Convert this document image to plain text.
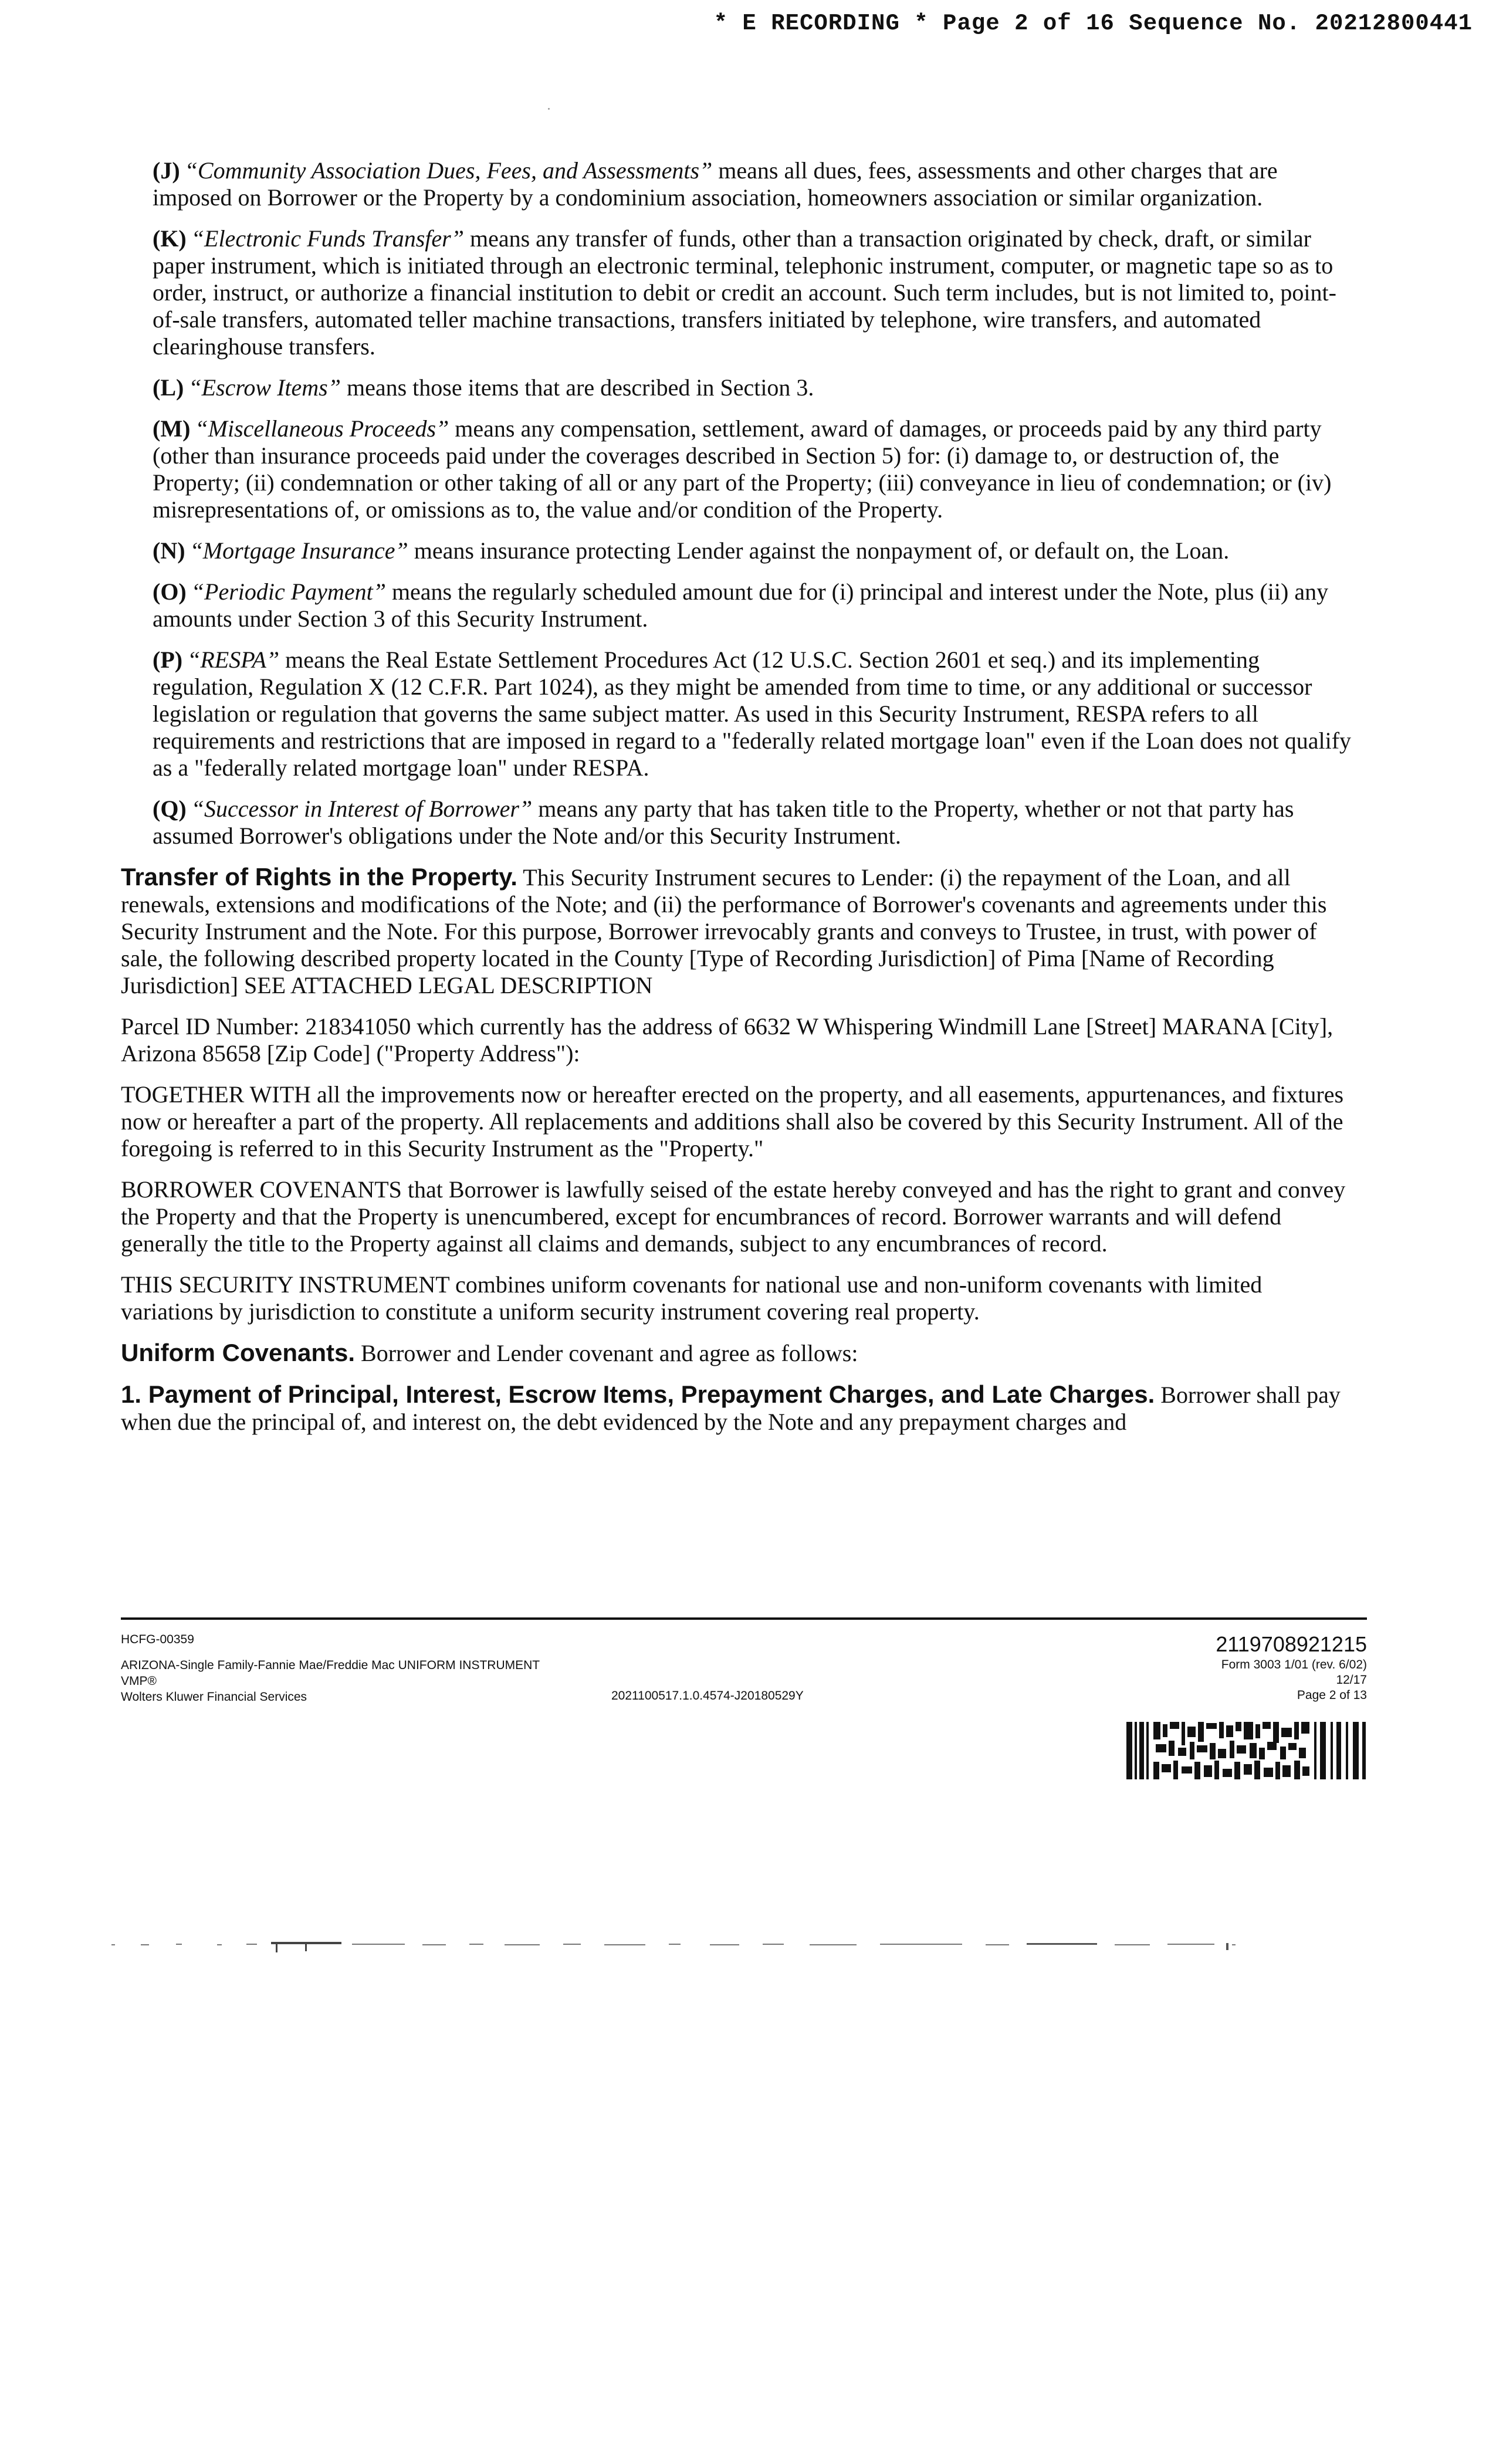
* E RECORDING * Page 2 of 16 Sequence No. 20212800441

(J) “Community Association Dues, Fees, and Assessments” means all dues, fees, assessments and other charges that are imposed on Borrower or the Property by a condominium association, homeowners association or similar organization.

(K) “Electronic Funds Transfer” means any transfer of funds, other than a transaction originated by check, draft, or similar paper instrument, which is initiated through an electronic terminal, telephonic instrument, computer, or magnetic tape so as to order, instruct, or authorize a financial institution to debit or credit an account. Such term includes, but is not limited to, point-of-sale transfers, automated teller machine transactions, transfers initiated by telephone, wire transfers, and automated clearinghouse transfers.

(L) “Escrow Items” means those items that are described in Section 3.

(M) “Miscellaneous Proceeds” means any compensation, settlement, award of damages, or proceeds paid by any third party (other than insurance proceeds paid under the coverages described in Section 5) for: (i) damage to, or destruction of, the Property; (ii) condemnation or other taking of all or any part of the Property; (iii) conveyance in lieu of condemnation; or (iv) misrepresentations of, or omissions as to, the value and/or condition of the Property.

(N) “Mortgage Insurance” means insurance protecting Lender against the nonpayment of, or default on, the Loan.

(O) “Periodic Payment” means the regularly scheduled amount due for (i) principal and interest under the Note, plus (ii) any amounts under Section 3 of this Security Instrument.

(P) “RESPA” means the Real Estate Settlement Procedures Act (12 U.S.C. Section 2601 et seq.) and its implementing regulation, Regulation X (12 C.F.R. Part 1024), as they might be amended from time to time, or any additional or successor legislation or regulation that governs the same subject matter. As used in this Security Instrument, RESPA refers to all requirements and restrictions that are imposed in regard to a "federally related mortgage loan" even if the Loan does not qualify as a "federally related mortgage loan" under RESPA.

(Q) “Successor in Interest of Borrower” means any party that has taken title to the Property, whether or not that party has assumed Borrower's obligations under the Note and/or this Security Instrument.

Transfer of Rights in the Property. This Security Instrument secures to Lender: (i) the repayment of the Loan, and all renewals, extensions and modifications of the Note; and (ii) the performance of Borrower's covenants and agreements under this Security Instrument and the Note. For this purpose, Borrower irrevocably grants and conveys to Trustee, in trust, with power of sale, the following described property located in the County [Type of Recording Jurisdiction] of Pima [Name of Recording Jurisdiction] SEE ATTACHED LEGAL DESCRIPTION

Parcel ID Number: 218341050 which currently has the address of 6632 W Whispering Windmill Lane [Street] MARANA [City], Arizona 85658 [Zip Code] ("Property Address"):

TOGETHER WITH all the improvements now or hereafter erected on the property, and all easements, appurtenances, and fixtures now or hereafter a part of the property. All replacements and additions shall also be covered by this Security Instrument. All of the foregoing is referred to in this Security Instrument as the "Property."

BORROWER COVENANTS that Borrower is lawfully seised of the estate hereby conveyed and has the right to grant and convey the Property and that the Property is unencumbered, except for encumbrances of record. Borrower warrants and will defend generally the title to the Property against all claims and demands, subject to any encumbrances of record.

THIS SECURITY INSTRUMENT combines uniform covenants for national use and non-uniform covenants with limited variations by jurisdiction to constitute a uniform security instrument covering real property.

Uniform Covenants. Borrower and Lender covenant and agree as follows:

1. Payment of Principal, Interest, Escrow Items, Prepayment Charges, and Late Charges. Borrower shall pay when due the principal of, and interest on, the debt evidenced by the Note and any prepayment charges and

HCFG-00359
ARIZONA-Single Family-Fannie Mae/Freddie Mac UNIFORM INSTRUMENT
VMP®
Wolters Kluwer Financial Services	2021100517.1.0.4574-J20180529Y
2119708921215
Form 3003 1/01 (rev. 6/02)
12/17
Page 2 of 13
